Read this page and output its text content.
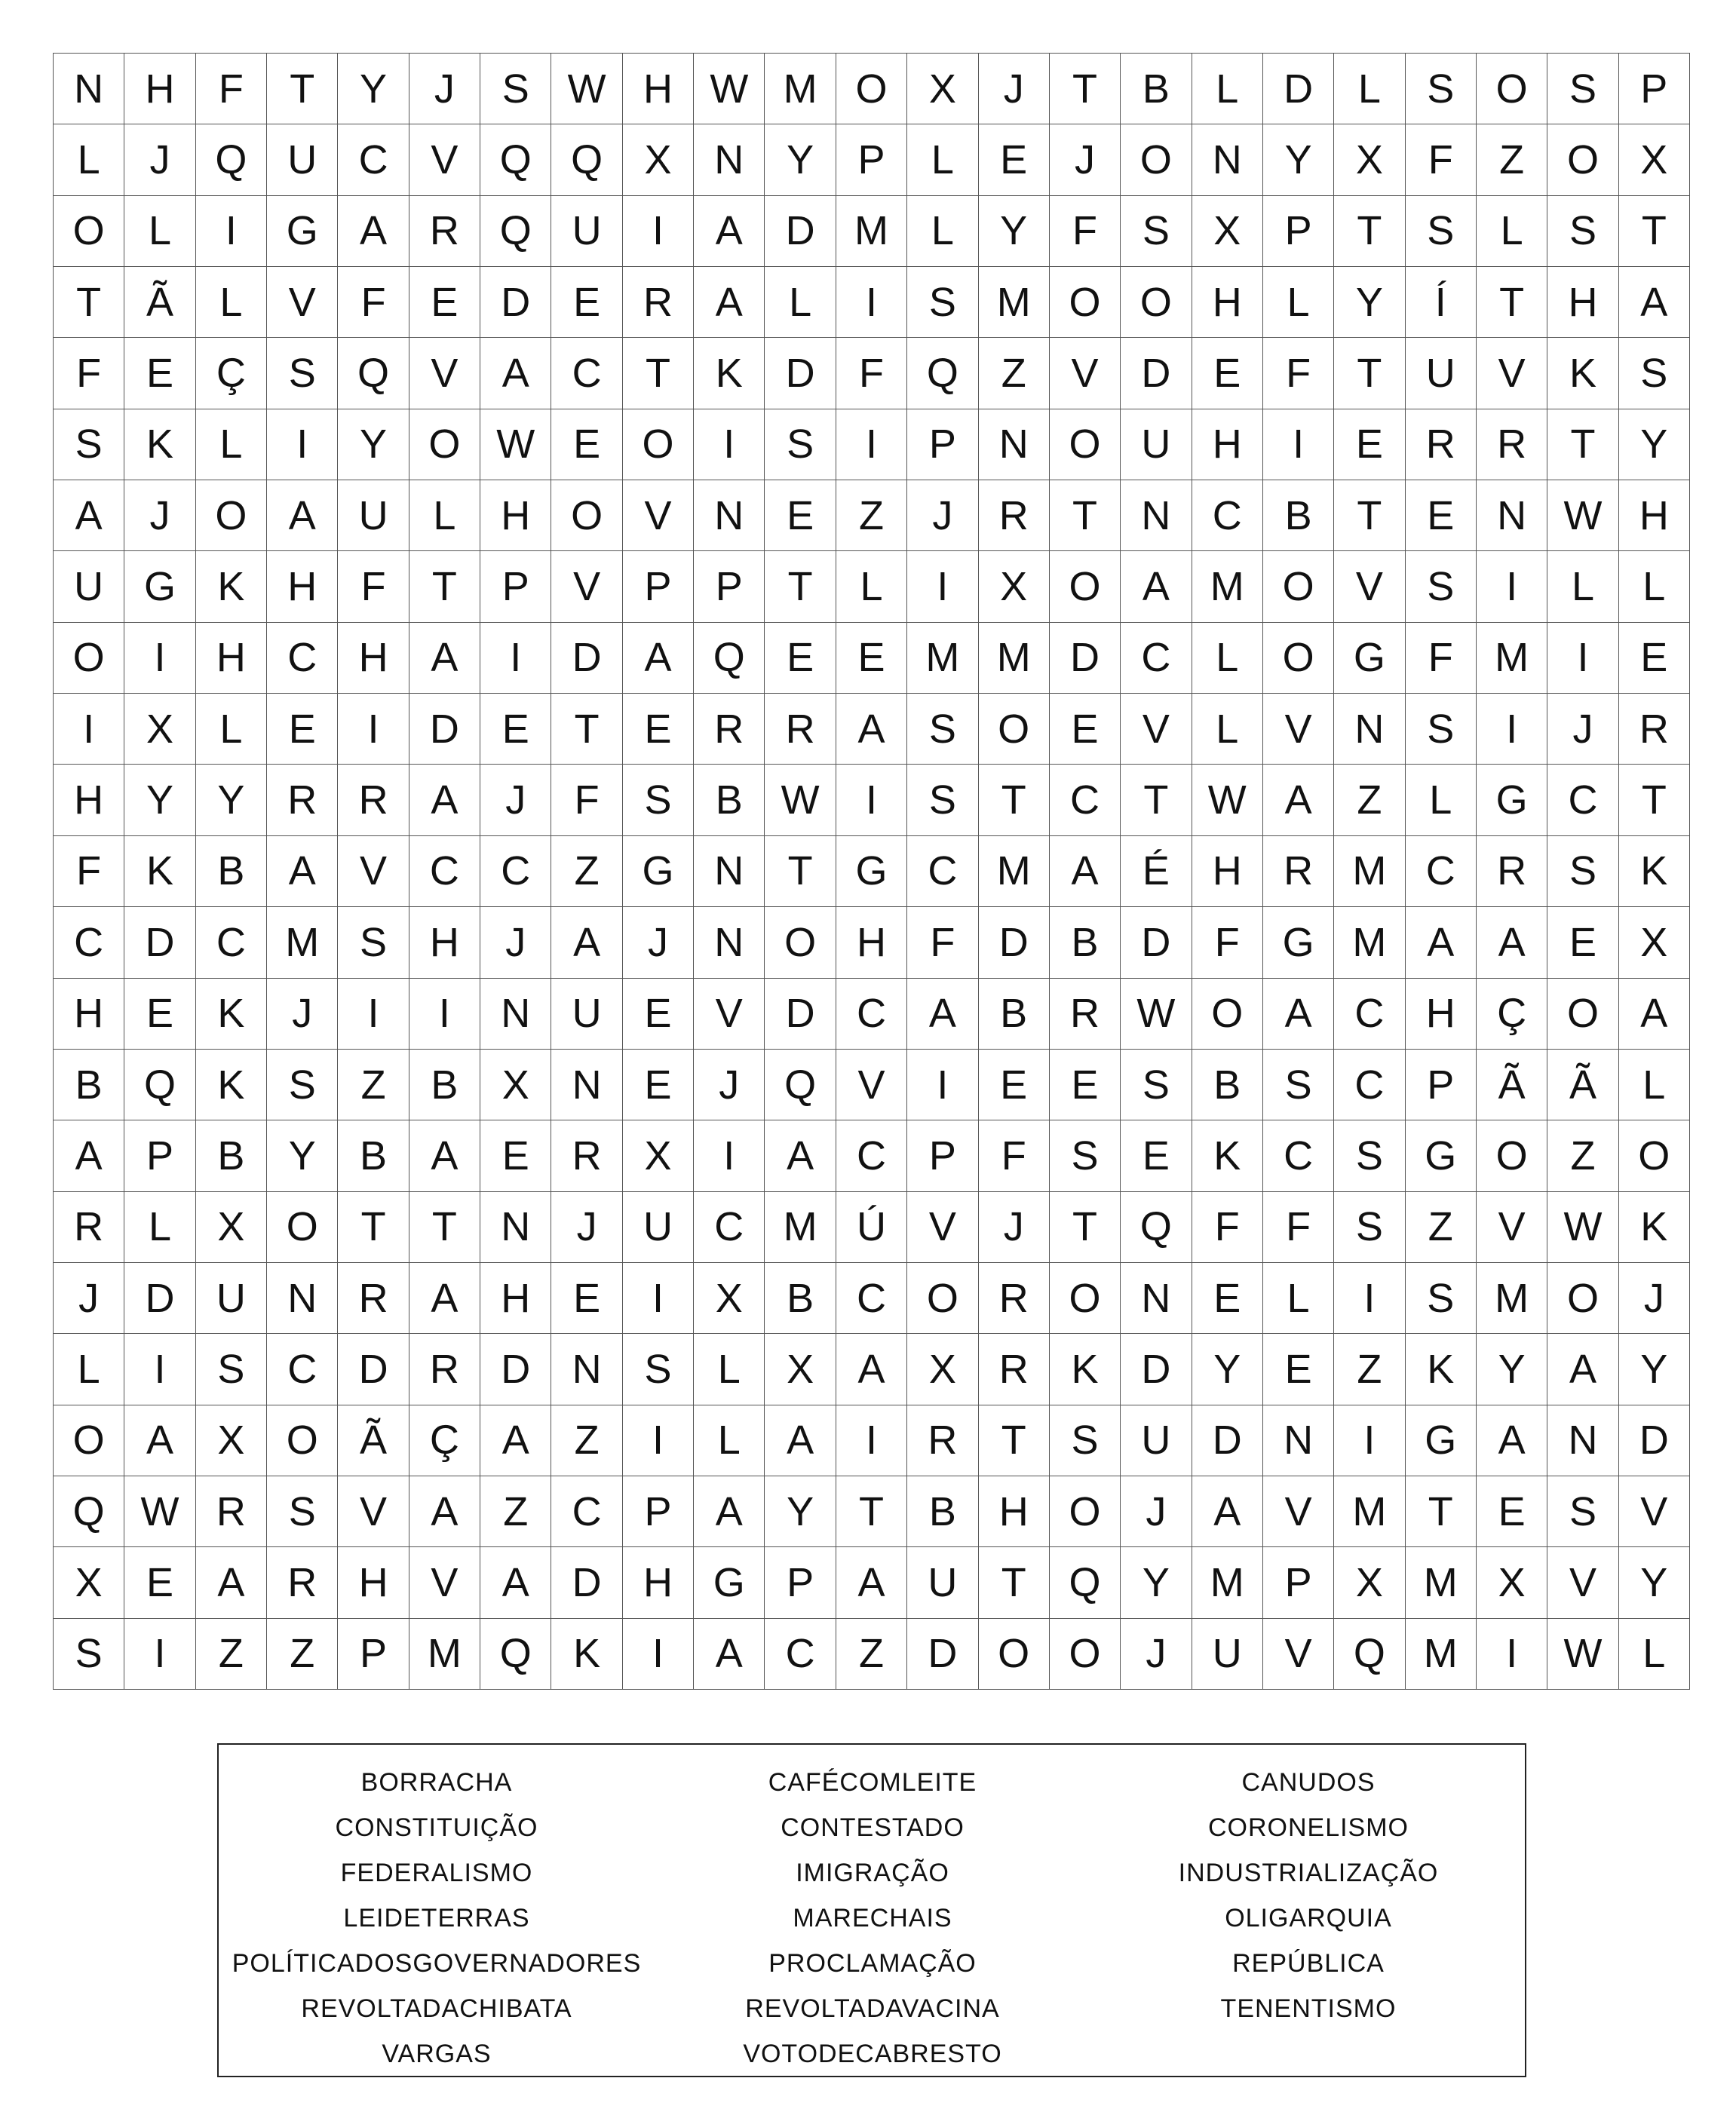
N	H	F	T	Y	J	S W H W M O	X	J	T	B	L	D	L	S	O	S	P
L	J	Q U	C	V	Q Q	X	N	Y	P	L	E	J	O N	Y	X	F	Z	O	X
O	L	I	G	A	R Q U	I	A	D M	L	Y	F	S	X	P	T	S	L	S	T
T	Ã	L	V	F	E	D	E	R	A	L	I	S M O O H	L	Y	Í	T	H	A
F	E	Ç	S	Q	V	A	C	T	K	D	F	Q	Z	V	D	E	F	T	U	V	K	S
S	K	L	I	Y	O W E	O	I	S	I	P	N O U	H	I	E	R	R	T	Y
A	J	O	A	U	L	H O	V	N	E	Z	J	R	T	N	C	B	T	E	N W H
U G	K	H	F	T	P	V	P	P	T	L	I	X	O	A M O	V	S	I	L	L
O	I	H	C	H	A	I	D	A	Q	E	E M M D	C	L	O G	F	M	I	E
I	X	L	E	I	D	E	T	E	R	R	A	S	O	E	V	L	V	N	S	I	J	R
H	Y	Y	R	R	A	J	F	S	B W	I	S	T	C	T W A	Z	L	G C	T
F	K	B	A	V	C	C	Z	G N	T	G C M A	É	H	R M C	R	S	K
C	D	C M S	H	J	A	J	N O H	F	D	B	D	F	G M A	A	E	X
H	E	K	J	I	I	N	U	E	V	D	C	A	B	R W O	A	C	H	Ç O	A
B	Q	K	S	Z	B	X	N	E	J	Q	V	I	E	E	S	B	S	C	P	Ã	Ã	L
A	P	B	Y	B	A	E	R	X	I	A	C	P	F	S	E	K	C	S	G O	Z	O
R	L	X	O	T	T	N	J	U	C M Ú	V	J	T	Q	F	F	S	Z	V W K
J	D	U	N	R	A	H	E	I	X	B	C O R O N	E	L	I	S M O	J
L	I	S	C	D	R	D	N	S	L	X	A	X	R	K	D	Y	E	Z	K	Y	A	Y
O	A	X	O	Ã	Ç	A	Z	I	L	A	I	R	T	S	U	D	N	I	G	A	N	D
Q W R	S	V	A	Z	C	P	A	Y	T	B	H O	J	A	V M	T	E	S	V
X	E	A	R	H	V	A	D	H G	P	A	U	T	Q	Y M P	X M X	V	Y
S	I	Z	Z	P M Q	K	I	A	C	Z	D O O	J	U	V	Q M	I	W L
BORRACHA
CONSTITUIÇÃO
FEDERALISMO
LEIDETERRAS
POLÍTICADOSGOVERNADORES
REVOLTADACHIBATA
VARGAS
CAFÉCOMLEITE
CONTESTADO
IMIGRAÇÃO
MARECHAIS
PROCLAMAÇÃO
REVOLTADAVACINA
VOTODECABRESTO
CANUDOS
CORONELISMO
INDUSTRIALIZAÇÃO
OLIGARQUIA
REPÚBLICA
TENENTISMO
